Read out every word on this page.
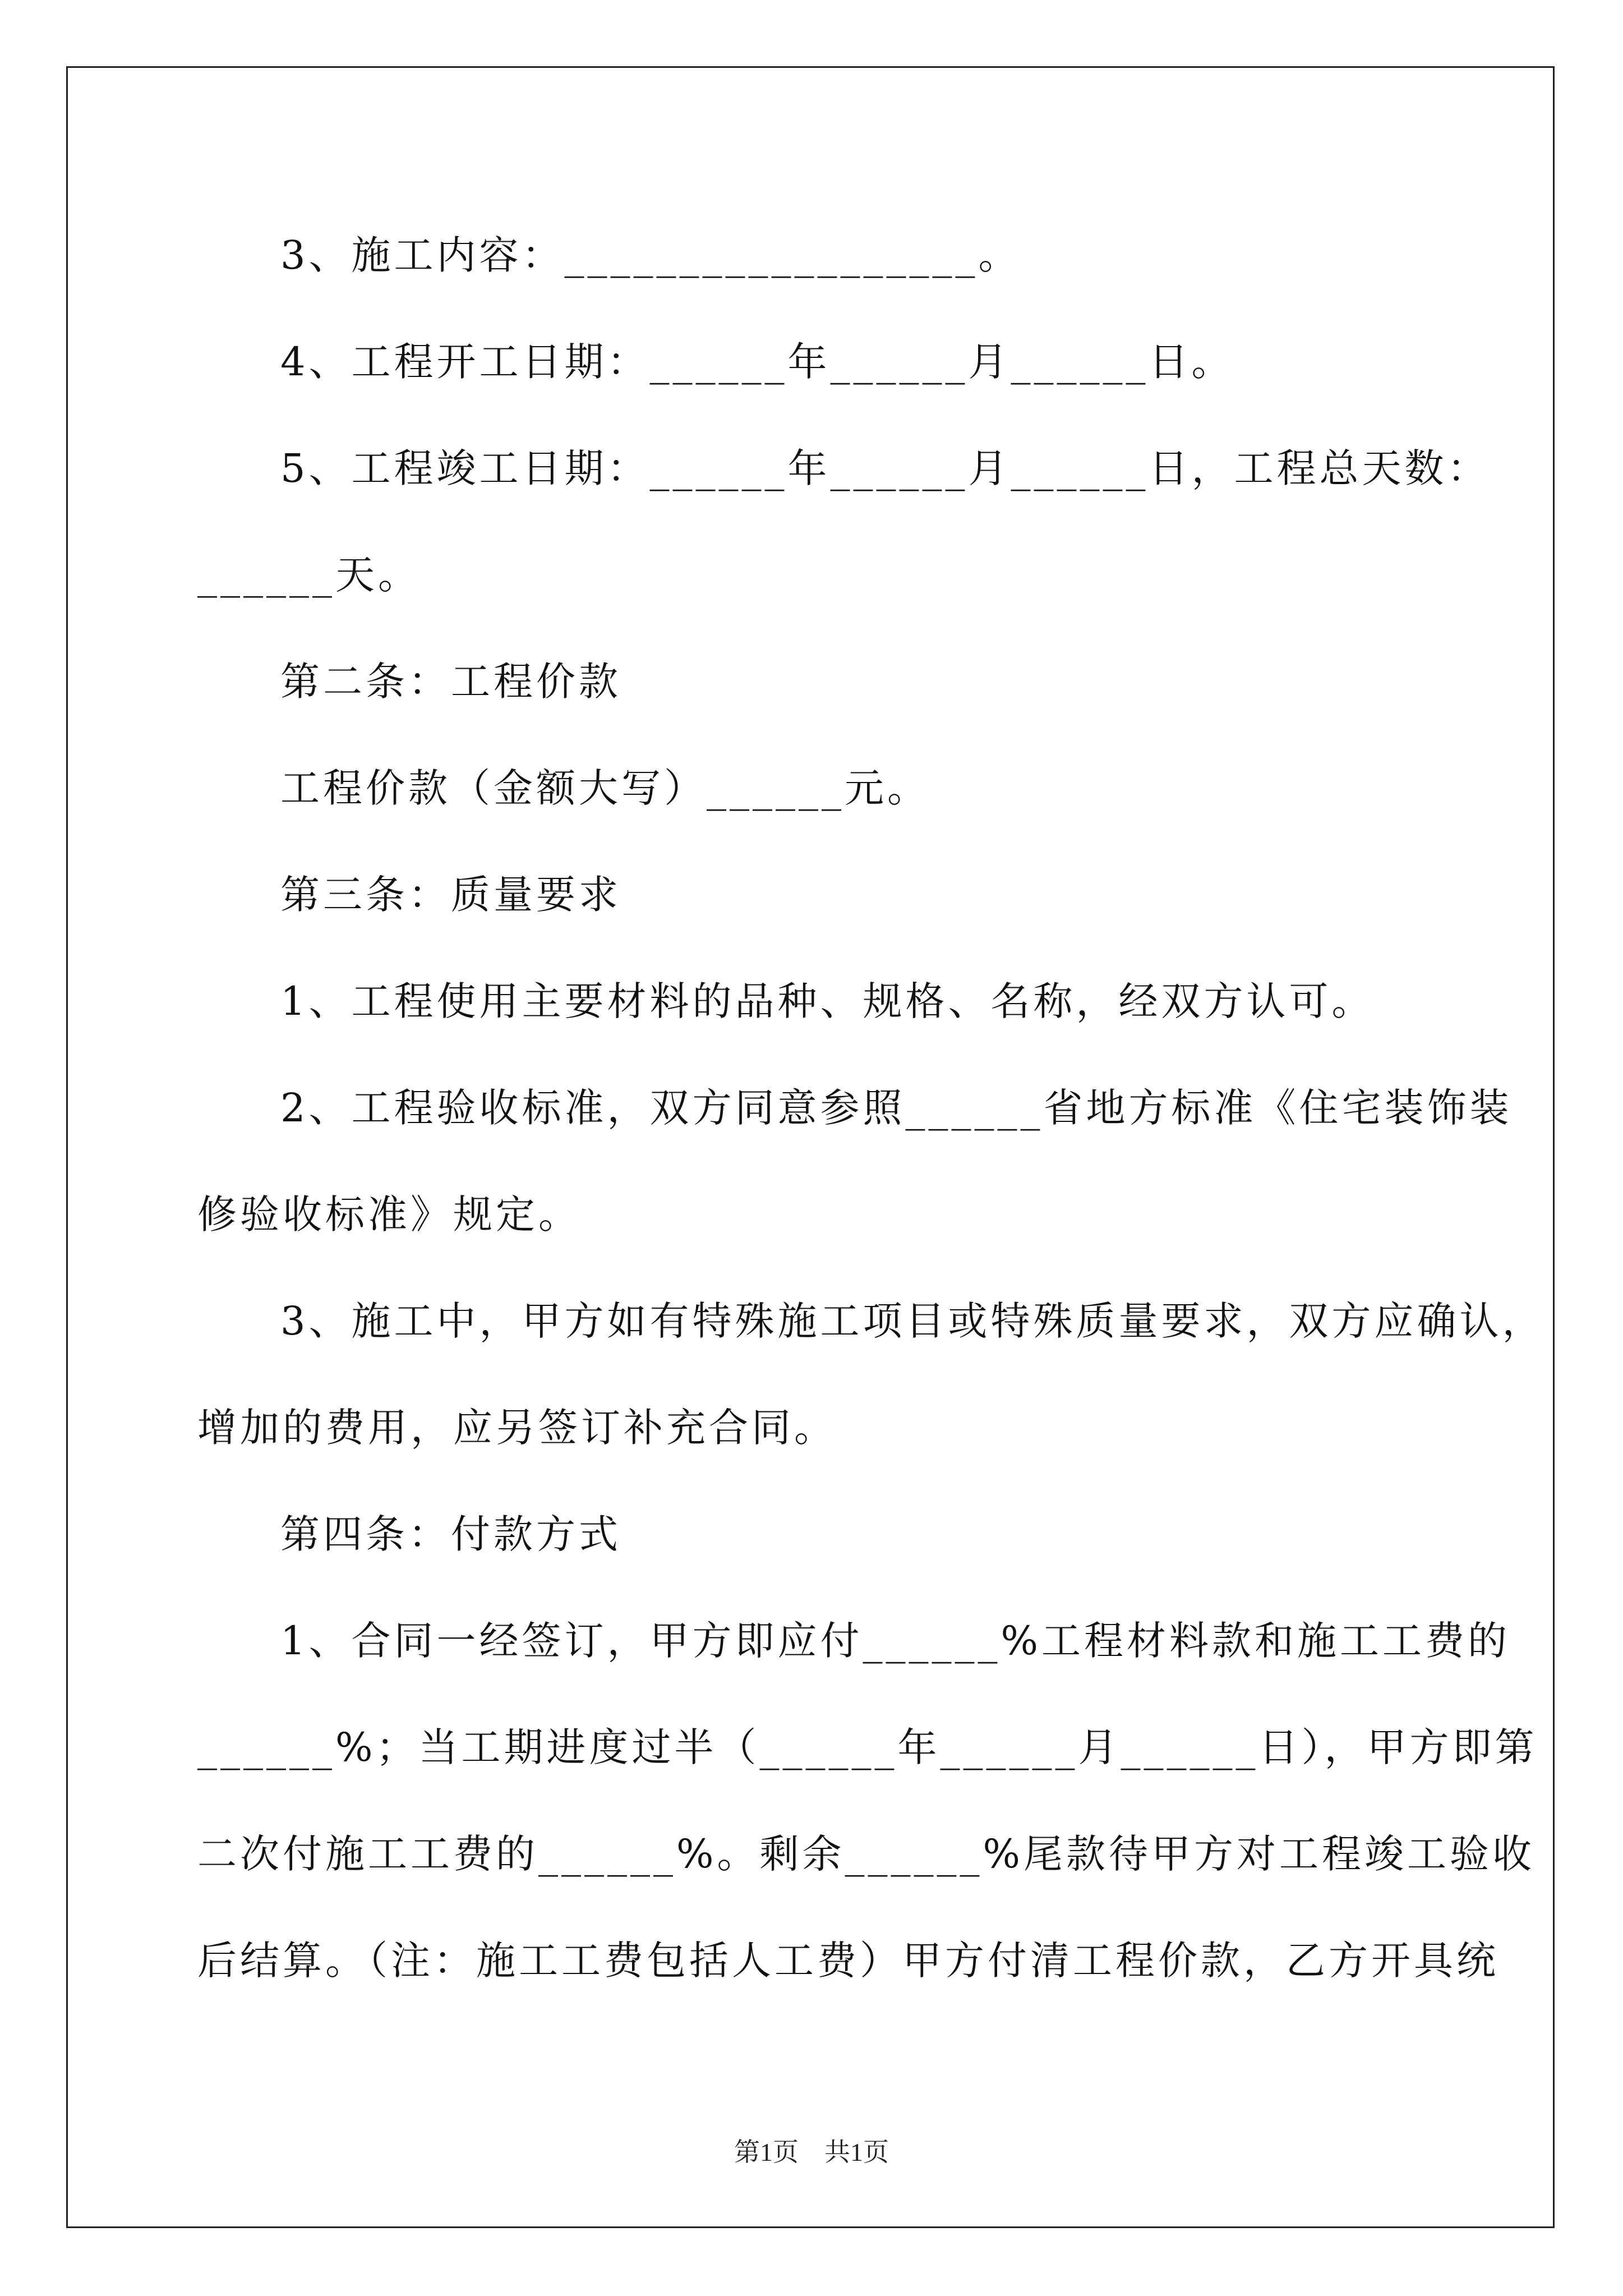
3、施工内容：__________________。

4、工程开工日期：______年______月______日。

5、工程竣工日期：______年______月______日，工程总天数：

______天。

第二条：工程价款

工程价款（金额大写）______元。

第三条：质量要求

1、工程使用主要材料的品种、规格、名称，经双方认可。

2、工程验收标准，双方同意参照______省地方标准《住宅装饰装

修验收标准》规定。

3、施工中，甲方如有特殊施工项目或特殊质量要求，双方应确认，

增加的费用，应另签订补充合同。

第四条：付款方式

1、合同一经签订，甲方即应付______%工程材料款和施工工费的

______%；当工期进度过半（______年______月______日），甲方即第

二次付施工工费的______%。剩余______%尾款待甲方对工程竣工验收

后结算。（注：施工工费包括人工费）甲方付清工程价款，乙方开具统

第1页　共1页
